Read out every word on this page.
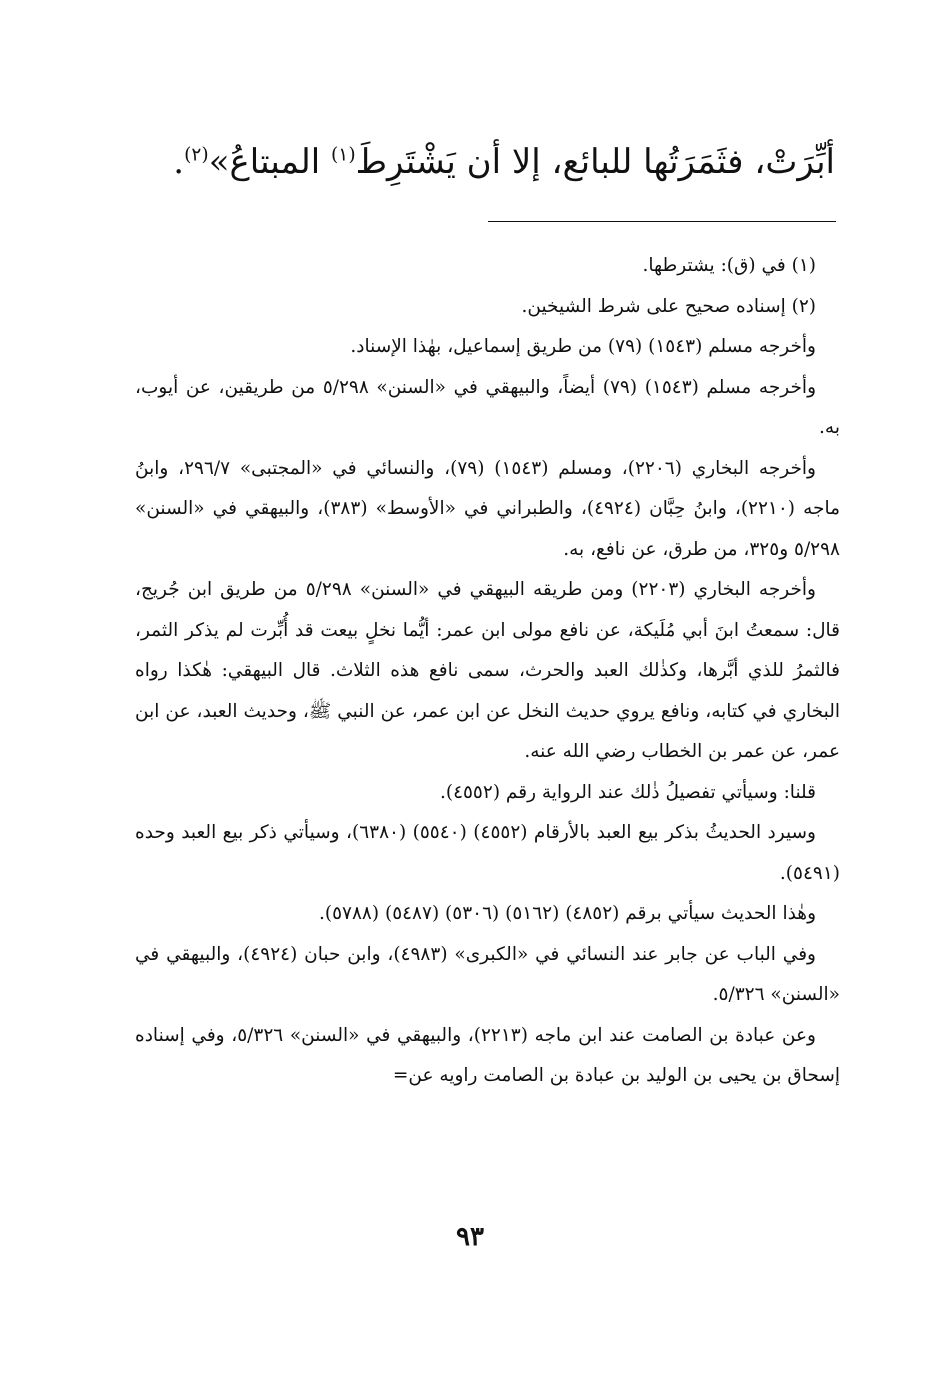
أبِّرَتْ، فثَمَرَتُها للبائع، إلا أن يَشْتَرِطَ$^{(١)}$ المبتاعُ»$^{(٢)}$.

(١) في (ق): يشترطها.

(٢) إسناده صحيح على شرط الشيخين.

وأخرجه مسلم (١٥٤٣) (٧٩) من طريق إسماعيل، بهٰذا الإسناد.

وأخرجه مسلم (١٥٤٣) (٧٩) أيضاً، والبيهقي في «السنن» ٥/٢٩٨ من طريقين، عن أيوب، به.

وأخرجه البخاري (٢٢٠٦)، ومسلم (١٥٤٣) (٧٩)، والنسائي في «المجتبى» ٢٩٦/٧، وابنُ ماجه (٢٢١٠)، وابنُ حِبَّان (٤٩٢٤)، والطبراني في «الأوسط» (٣٨٣)، والبيهقي في «السنن» ٥/٢٩٨ و٣٢٥، من طرق، عن نافع، به.

وأخرجه البخاري (٢٢٠٣) ومن طريقه البيهقي في «السنن» ٥/٢٩٨ من طريق ابن جُريج، قال: سمعتُ ابنَ أبي مُلَيكة، عن نافع مولى ابن عمر: أيُّما نخلٍ بيعت قد أُبِّرت لم يذكر الثمر، فالثمرُ للذي أبَّرها، وكذٰلك العبد والحرث، سمى نافع هذه الثلاث. قال البيهقي: هٰكذا رواه البخاري في كتابه، ونافع يروي حديث النخل عن ابن عمر، عن النبي ﷺ، وحديث العبد، عن ابن عمر، عن عمر بن الخطاب رضي الله عنه.

قلنا: وسيأتي تفصيلُ ذٰلك عند الرواية رقم (٤٥٥٢).

وسيرد الحديثُ بذكر بيع العبد بالأرقام (٤٥٥٢) (٥٥٤٠) (٦٣٨٠)، وسيأتي ذكر بيع العبد وحده (٥٤٩١).

وهٰذا الحديث سيأتي برقم (٤٨٥٢) (٥١٦٢) (٥٣٠٦) (٥٤٨٧) (٥٧٨٨).

وفي الباب عن جابر عند النسائي في «الكبرى» (٤٩٨٣)، وابن حبان (٤٩٢٤)، والبيهقي في «السنن» ٥/٣٢٦.

وعن عبادة بن الصامت عند ابن ماجه (٢٢١٣)، والبيهقي في «السنن» ٥/٣٢٦، وفي إسناده إسحاق بن يحيى بن الوليد بن عبادة بن الصامت راويه عن=

٩٣
